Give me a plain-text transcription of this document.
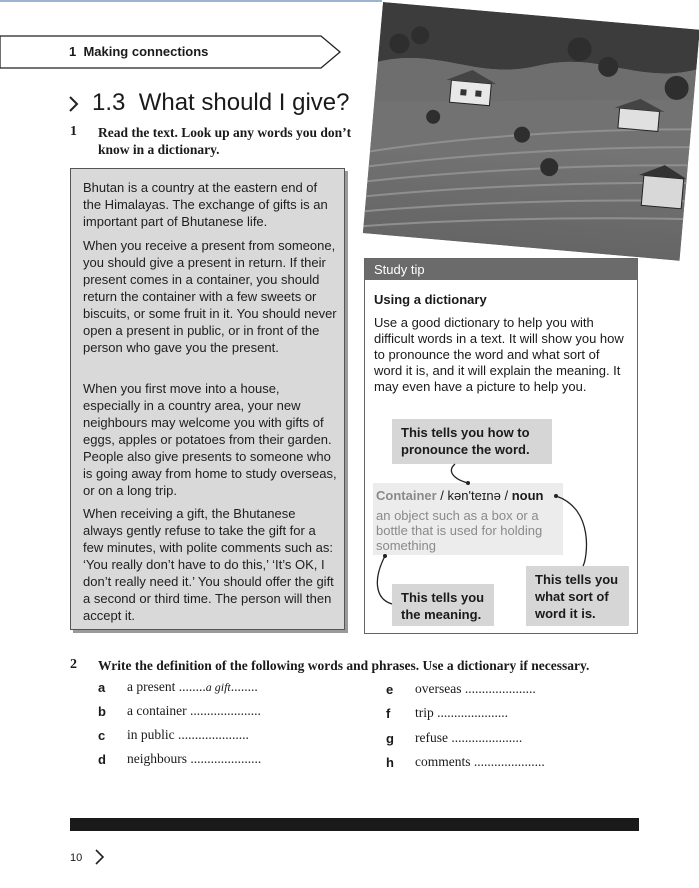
1  Making connections
1.3  What should I give?
1 Read the text. Look up any words you don’t know in a dictionary.

Bhutan is a country at the eastern end of the Himalayas. The exchange of gifts is an important part of Bhutanese life.

When you receive a present from someone, you should give a present in return. If their present comes in a container, you should return the container with a few sweets or biscuits, or some fruit in it. You should never open a present in public, or in front of the person who gave you the present.

When you first move into a house, especially in a country area, your new neighbours may welcome you with gifts of eggs, apples or potatoes from their garden. People also give presents to someone who is going away from home to study overseas, or on a long trip.

When receiving a gift, the Bhutanese always gently refuse to take the gift for a few minutes, with polite comments such as: ‘You really don’t have to do this,’ ‘It’s OK, I don’t really need it.’ You should offer the gift a second or third time. The person will then accept it.

Study tip
Using a dictionary

Use a good dictionary to help you with difficult words in a text. It will show you how to pronounce the word and what sort of word it is, and it will explain the meaning. It may even have a picture to help you.

This tells you how to pronounce the word.
Container / kən'teɪnə / noun

an object such as a box or a bottle that is used for holding something

This tells you the meaning.
This tells you what sort of word it is.
2 Write the definition of the following words and phrases. Use a dictionary if necessary.
a a present ........a gift........
b a container .....................
c in public .....................
d neighbours .....................
e overseas .....................
f trip .....................
g refuse .....................
h comments .....................
10
